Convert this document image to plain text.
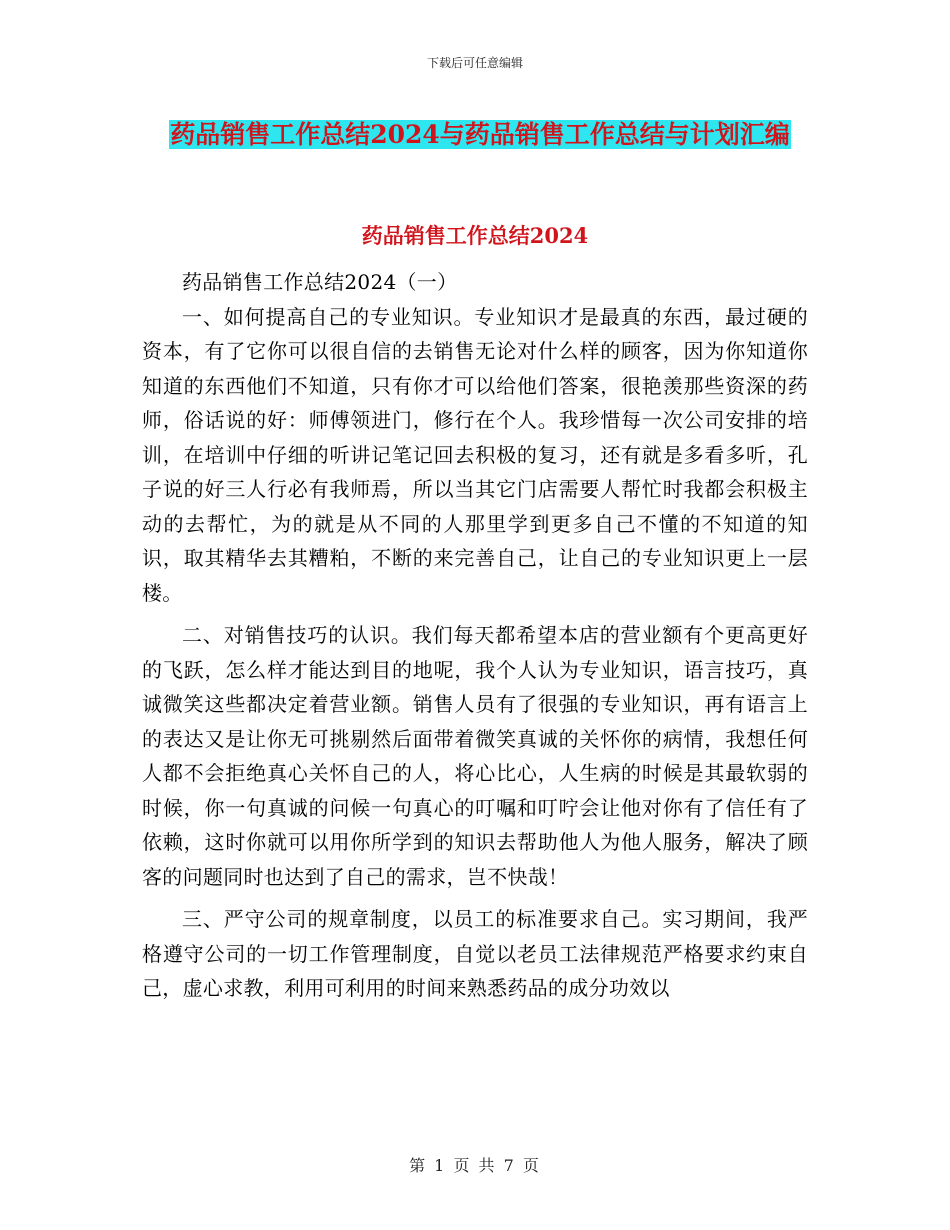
下载后可任意编辑
药品销售工作总结2024与药品销售工作总结与计划汇编
药品销售工作总结2024

药品销售工作总结2024（一）

一、如何提高自己的专业知识。专业知识才是最真的东西，最过硬的资本，有了它你可以很自信的去销售无论对什么样的顾客，因为你知道你知道的东西他们不知道，只有你才可以给他们答案，很艳羡那些资深的药师，俗话说的好：师傅领进门，修行在个人。我珍惜每一次公司安排的培训，在培训中仔细的听讲记笔记回去积极的复习，还有就是多看多听，孔子说的好三人行必有我师焉，所以当其它门店需要人帮忙时我都会积极主动的去帮忙，为的就是从不同的人那里学到更多自己不懂的不知道的知识，取其精华去其糟粕，不断的来完善自己，让自己的专业知识更上一层楼。

二、对销售技巧的认识。我们每天都希望本店的营业额有个更高更好的飞跃，怎么样才能达到目的地呢，我个人认为专业知识，语言技巧，真诚微笑这些都决定着营业额。销售人员有了很强的专业知识，再有语言上的表达又是让你无可挑剔然后面带着微笑真诚的关怀你的病情，我想任何人都不会拒绝真心关怀自己的人，将心比心，人生病的时候是其最软弱的时候，你一句真诚的问候一句真心的叮嘱和叮咛会让他对你有了信任有了依赖，这时你就可以用你所学到的知识去帮助他人为他人服务，解决了顾客的问题同时也达到了自己的需求，岂不快哉！

三、严守公司的规章制度，以员工的标准要求自己。实习期间，我严格遵守公司的一切工作管理制度，自觉以老员工法律规范严格要求约束自己，虚心求教，利用可利用的时间来熟悉药品的成分功效以

第 1 页 共 7 页
